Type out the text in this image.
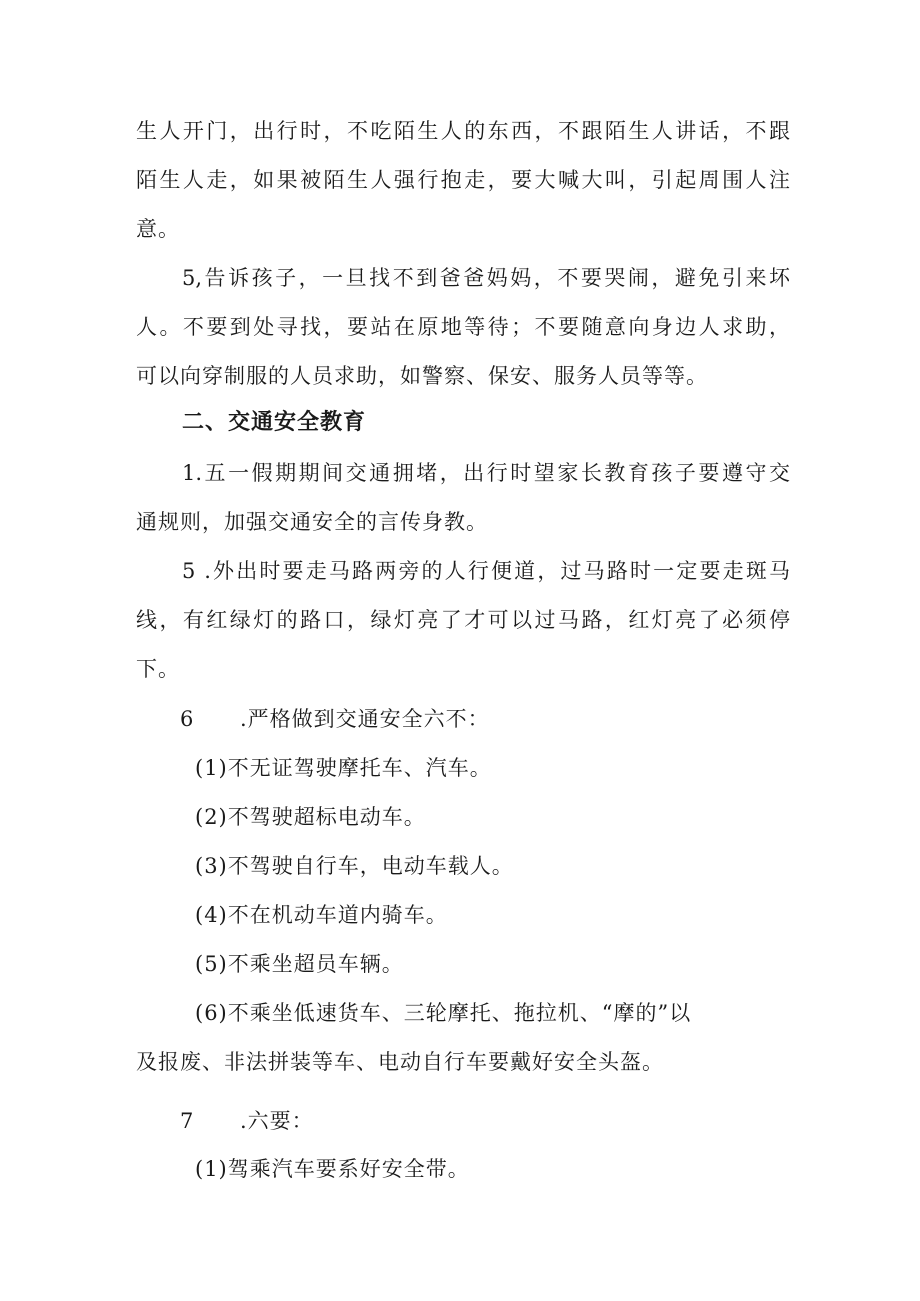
生人开门，出行时，不吃陌生人的东西，不跟陌生人讲话，不跟
陌生人走，如果被陌生人强行抱走，要大喊大叫，引起周围人注
意。
5,告诉孩子，一旦找不到爸爸妈妈，不要哭闹，避免引来坏
人。不要到处寻找，要站在原地等待；不要随意向身边人求助，
可以向穿制服的人员求助，如警察、保安、服务人员等等。
二、交通安全教育
1.五一假期期间交通拥堵，出行时望家长教育孩子要遵守交
通规则，加强交通安全的言传身教。
5 .外出时要走马路两旁的人行便道，过马路时一定要走斑马
线，有红绿灯的路口，绿灯亮了才可以过马路，红灯亮了必须停
下。
6 .严格做到交通安全六不：
(1)不无证驾驶摩托车、汽车。
(2)不驾驶超标电动车。
(3)不驾驶自行车，电动车载人。
(4)不在机动车道内骑车。
(5)不乘坐超员车辆。
(6)不乘坐低速货车、三轮摩托、拖拉机、“摩的”以
及报废、非法拼装等车、电动自行车要戴好安全头盔。
7 .六要：
(1)驾乘汽车要系好安全带。
